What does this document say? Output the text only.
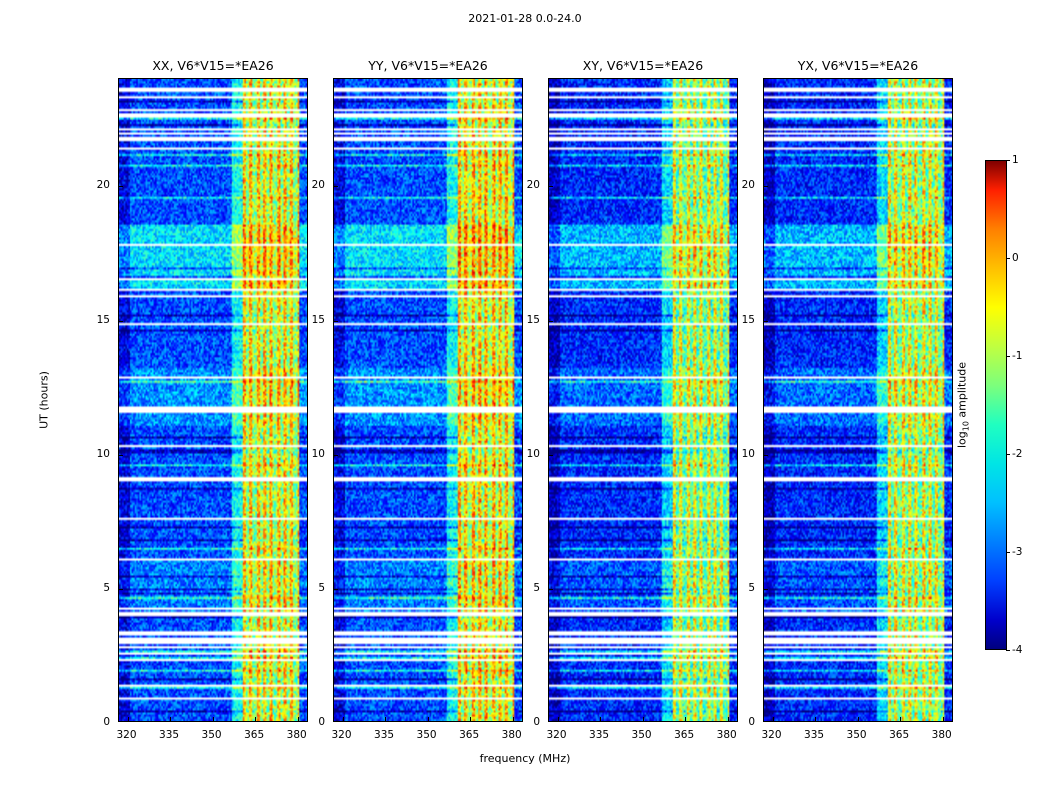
2021-01-28 0.0-24.0
UT (hours)
frequency (MHz)
XX, V6*V15=*EA26
320 335 350 365 380
0
5
10
15
20
YY, V6*V15=*EA26
320 335 350 365 380
0
5
10
15
20
XY, V6*V15=*EA26
320 335 350 365 380
0
5
10
15
20
YX, V6*V15=*EA26
320 335 350 365 380
0
5
10
15
20
$\log_{10}$ amplitude
-4
-3
-2
-1
0
1
